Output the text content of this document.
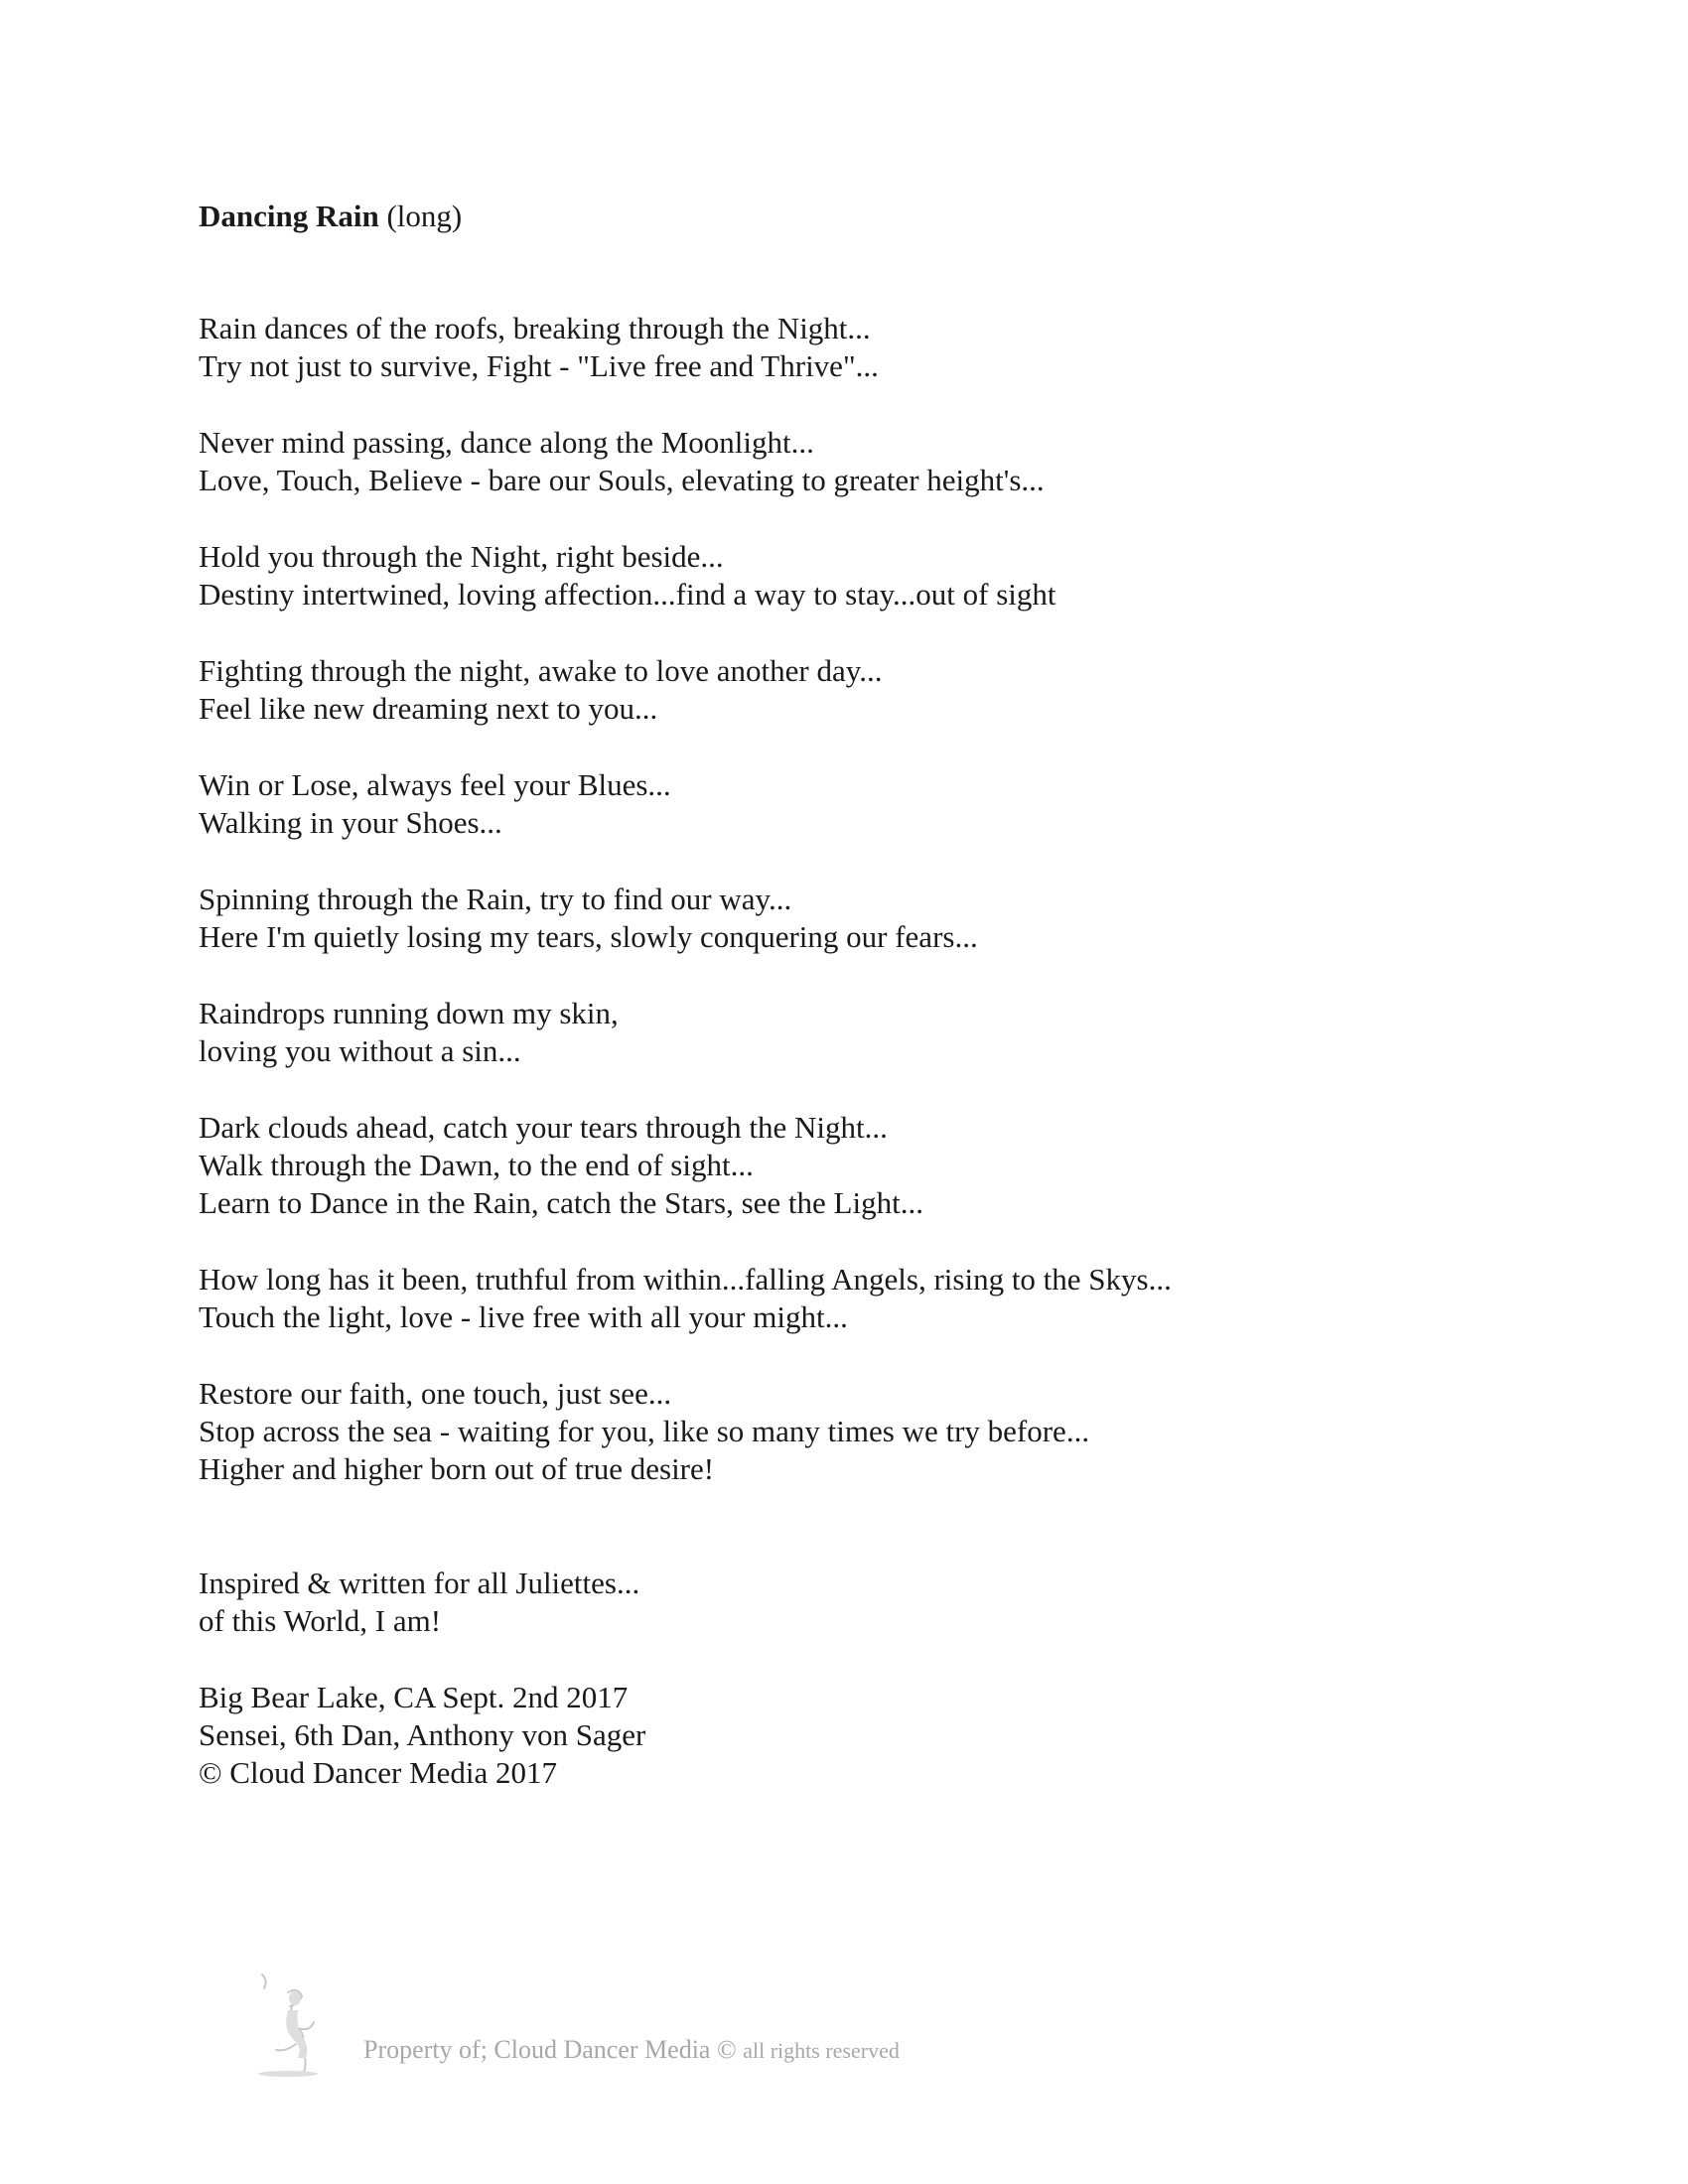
Dancing Rain (long)
Rain dances of the roofs, breaking through the Night...
Try not just to survive, Fight - "Live free and Thrive"...
Never mind passing, dance along the Moonlight...
Love, Touch, Believe - bare our Souls, elevating to greater height's...
Hold you through the Night, right beside...
Destiny intertwined, loving affection...find a way to stay...out of sight
Fighting through the night, awake to love another day...
Feel like new dreaming next to you...
Win or Lose, always feel your Blues...
Walking in your Shoes...
Spinning through the Rain, try to find our way...
Here I'm quietly losing my tears, slowly conquering our fears...
Raindrops running down my skin,
loving you without a sin...
Dark clouds ahead, catch your tears through the Night...
Walk through the Dawn, to the end of sight...
Learn to Dance in the Rain, catch the Stars, see the Light...
How long has it been, truthful from within...falling Angels, rising to the Skys...
Touch the light, love - live free with all your might...
Restore our faith, one touch, just see...
Stop across the sea - waiting for you, like so many times we try before...
Higher and higher born out of true desire!
Inspired & written for all Juliettes...
of this World, I am!
Big Bear Lake, CA Sept. 2nd 2017
Sensei, 6th Dan, Anthony von Sager
© Cloud Dancer Media 2017
Property of; Cloud Dancer Media © all rights reserved
